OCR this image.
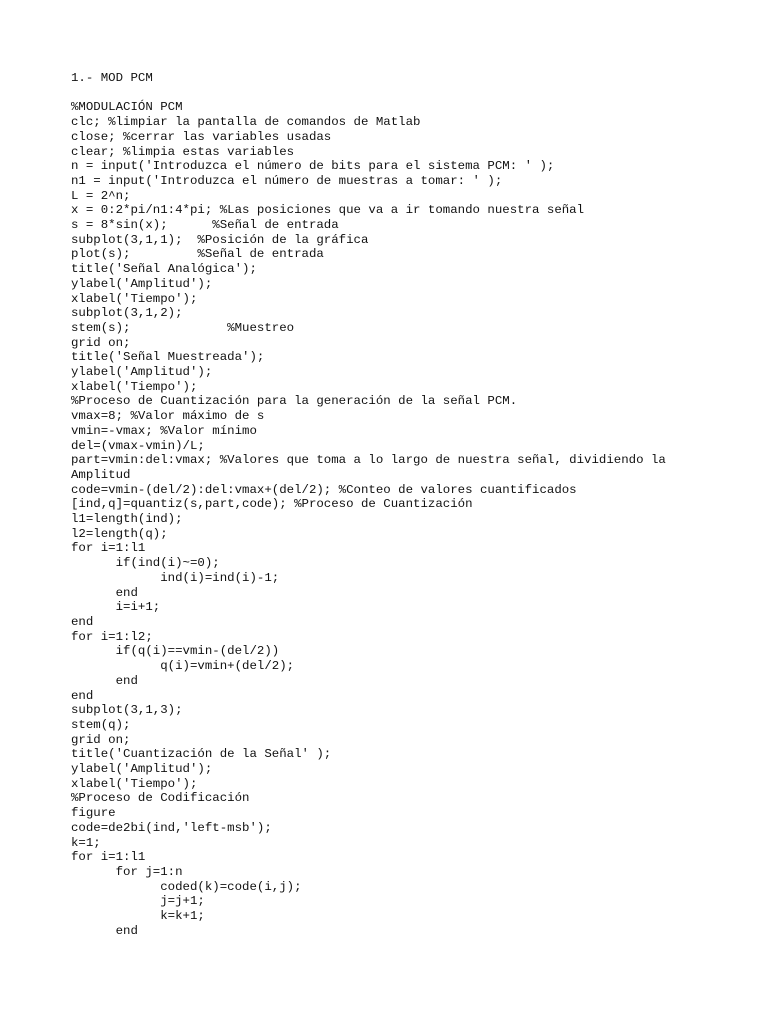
1.- MOD PCM
%MODULACIÓN PCM
clc; %limpiar la pantalla de comandos de Matlab
close; %cerrar las variables usadas
clear; %limpia estas variables
n = input('Introduzca el número de bits para el sistema PCM: ' );
n1 = input('Introduzca el número de muestras a tomar: ' );
L = 2^n;
x = 0:2*pi/n1:4*pi; %Las posiciones que va a ir tomando nuestra señal
s = 8*sin(x);      %Señal de entrada
subplot(3,1,1);  %Posición de la gráfica
plot(s);         %Señal de entrada
title('Señal Analógica');
ylabel('Amplitud');
xlabel('Tiempo');
subplot(3,1,2);
stem(s);             %Muestreo
grid on;
title('Señal Muestreada');
ylabel('Amplitud');
xlabel('Tiempo');
%Proceso de Cuantización para la generación de la señal PCM.
vmax=8; %Valor máximo de s
vmin=-vmax; %Valor mínimo
del=(vmax-vmin)/L;
part=vmin:del:vmax; %Valores que toma a lo largo de nuestra señal, dividiendo la
Amplitud
code=vmin-(del/2):del:vmax+(del/2); %Conteo de valores cuantificados
[ind,q]=quantiz(s,part,code); %Proceso de Cuantización
l1=length(ind);
l2=length(q);
for i=1:l1
if(ind(i)~=0);
ind(i)=ind(i)-1;
end
i=i+1;
end
for i=1:l2;
if(q(i)==vmin-(del/2))
q(i)=vmin+(del/2);
end
end
subplot(3,1,3);
stem(q);
grid on;
title('Cuantización de la Señal' );
ylabel('Amplitud');
xlabel('Tiempo');
%Proceso de Codificación
figure
code=de2bi(ind,'left-msb');
k=1;
for i=1:l1
for j=1:n
coded(k)=code(i,j);
j=j+1;
k=k+1;
end
